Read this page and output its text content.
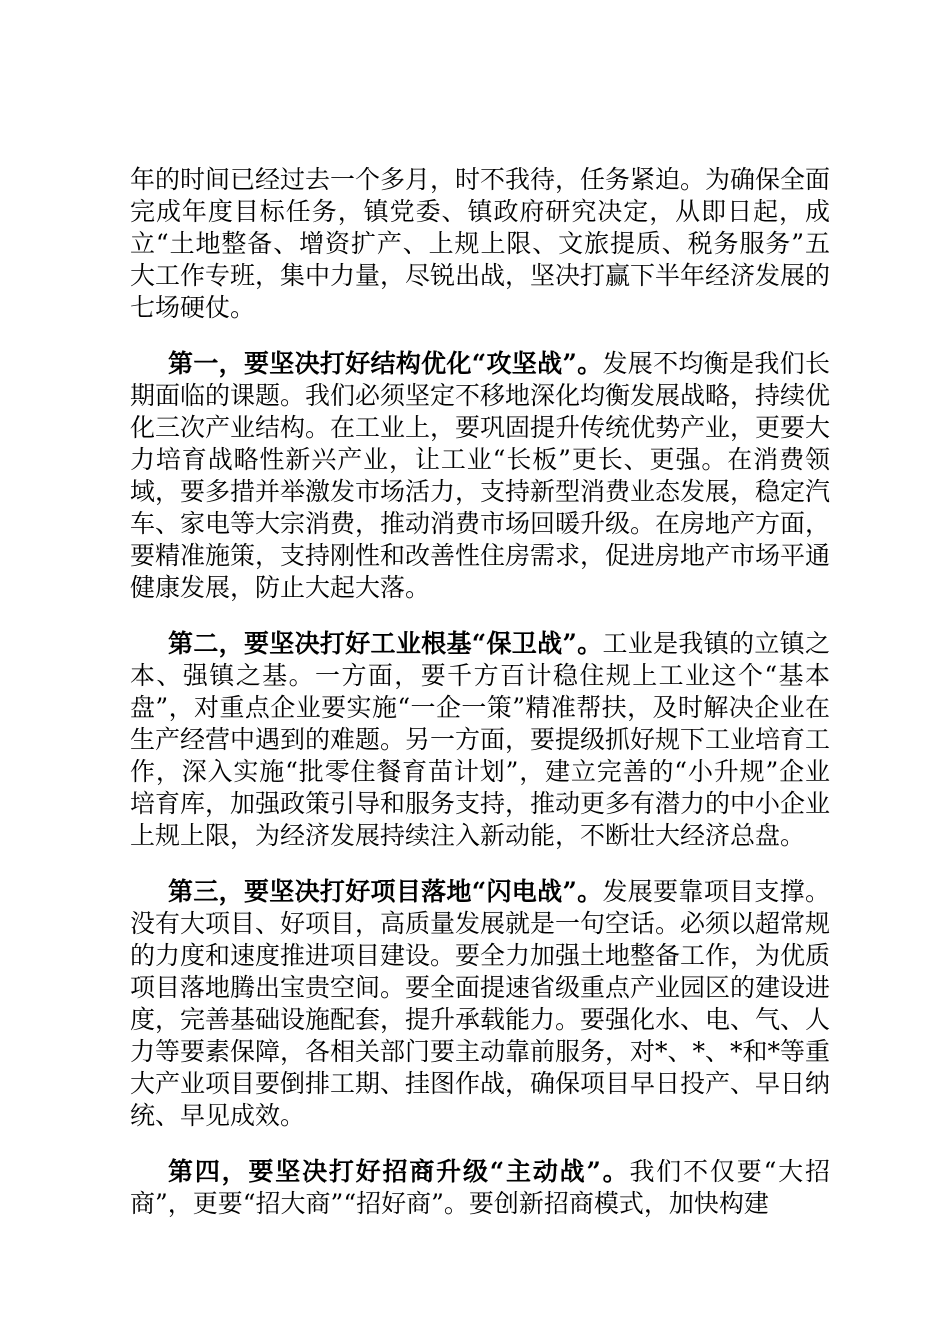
年的时间已经过去一个多月，时不我待，任务紧迫。为确保全面完成年度目标任务，镇党委、镇政府研究决定，从即日起，成立“土地整备、增资扩产、上规上限、文旅提质、税务服务”五大工作专班，集中力量，尽锐出战，坚决打赢下半年经济发展的七场硬仗。

第一，要坚决打好结构优化“攻坚战”。发展不均衡是我们长期面临的课题。我们必须坚定不移地深化均衡发展战略，持续优化三次产业结构。在工业上，要巩固提升传统优势产业，更要大力培育战略性新兴产业，让工业“长板”更长、更强。在消费领域，要多措并举激发市场活力，支持新型消费业态发展，稳定汽车、家电等大宗消费，推动消费市场回暖升级。在房地产方面，要精准施策，支持刚性和改善性住房需求，促进房地产市场平通健康发展，防止大起大落。

第二，要坚决打好工业根基“保卫战”。工业是我镇的立镇之本、强镇之基。一方面，要千方百计稳住规上工业这个“基本盘”，对重点企业要实施“一企一策”精准帮扶，及时解决企业在生产经营中遇到的难题。另一方面，要提级抓好规下工业培育工作，深入实施“批零住餐育苗计划”，建立完善的“小升规”企业培育库，加强政策引导和服务支持，推动更多有潜力的中小企业上规上限，为经济发展持续注入新动能，不断壮大经济总盘。

第三，要坚决打好项目落地“闪电战”。发展要靠项目支撑。没有大项目、好项目，高质量发展就是一句空话。必须以超常规的力度和速度推进项目建设。要全力加强土地整备工作，为优质项目落地腾出宝贵空间。要全面提速省级重点产业园区的建设进度，完善基础设施配套，提升承载能力。要强化水、电、气、人力等要素保障，各相关部门要主动靠前服务，对*、*、*和*等重大产业项目要倒排工期、挂图作战，确保项目早日投产、早日纳统、早见成效。

第四，要坚决打好招商升级“主动战”。我们不仅要“大招商”，更要“招大商”“招好商”。要创新招商模式，加快构建
